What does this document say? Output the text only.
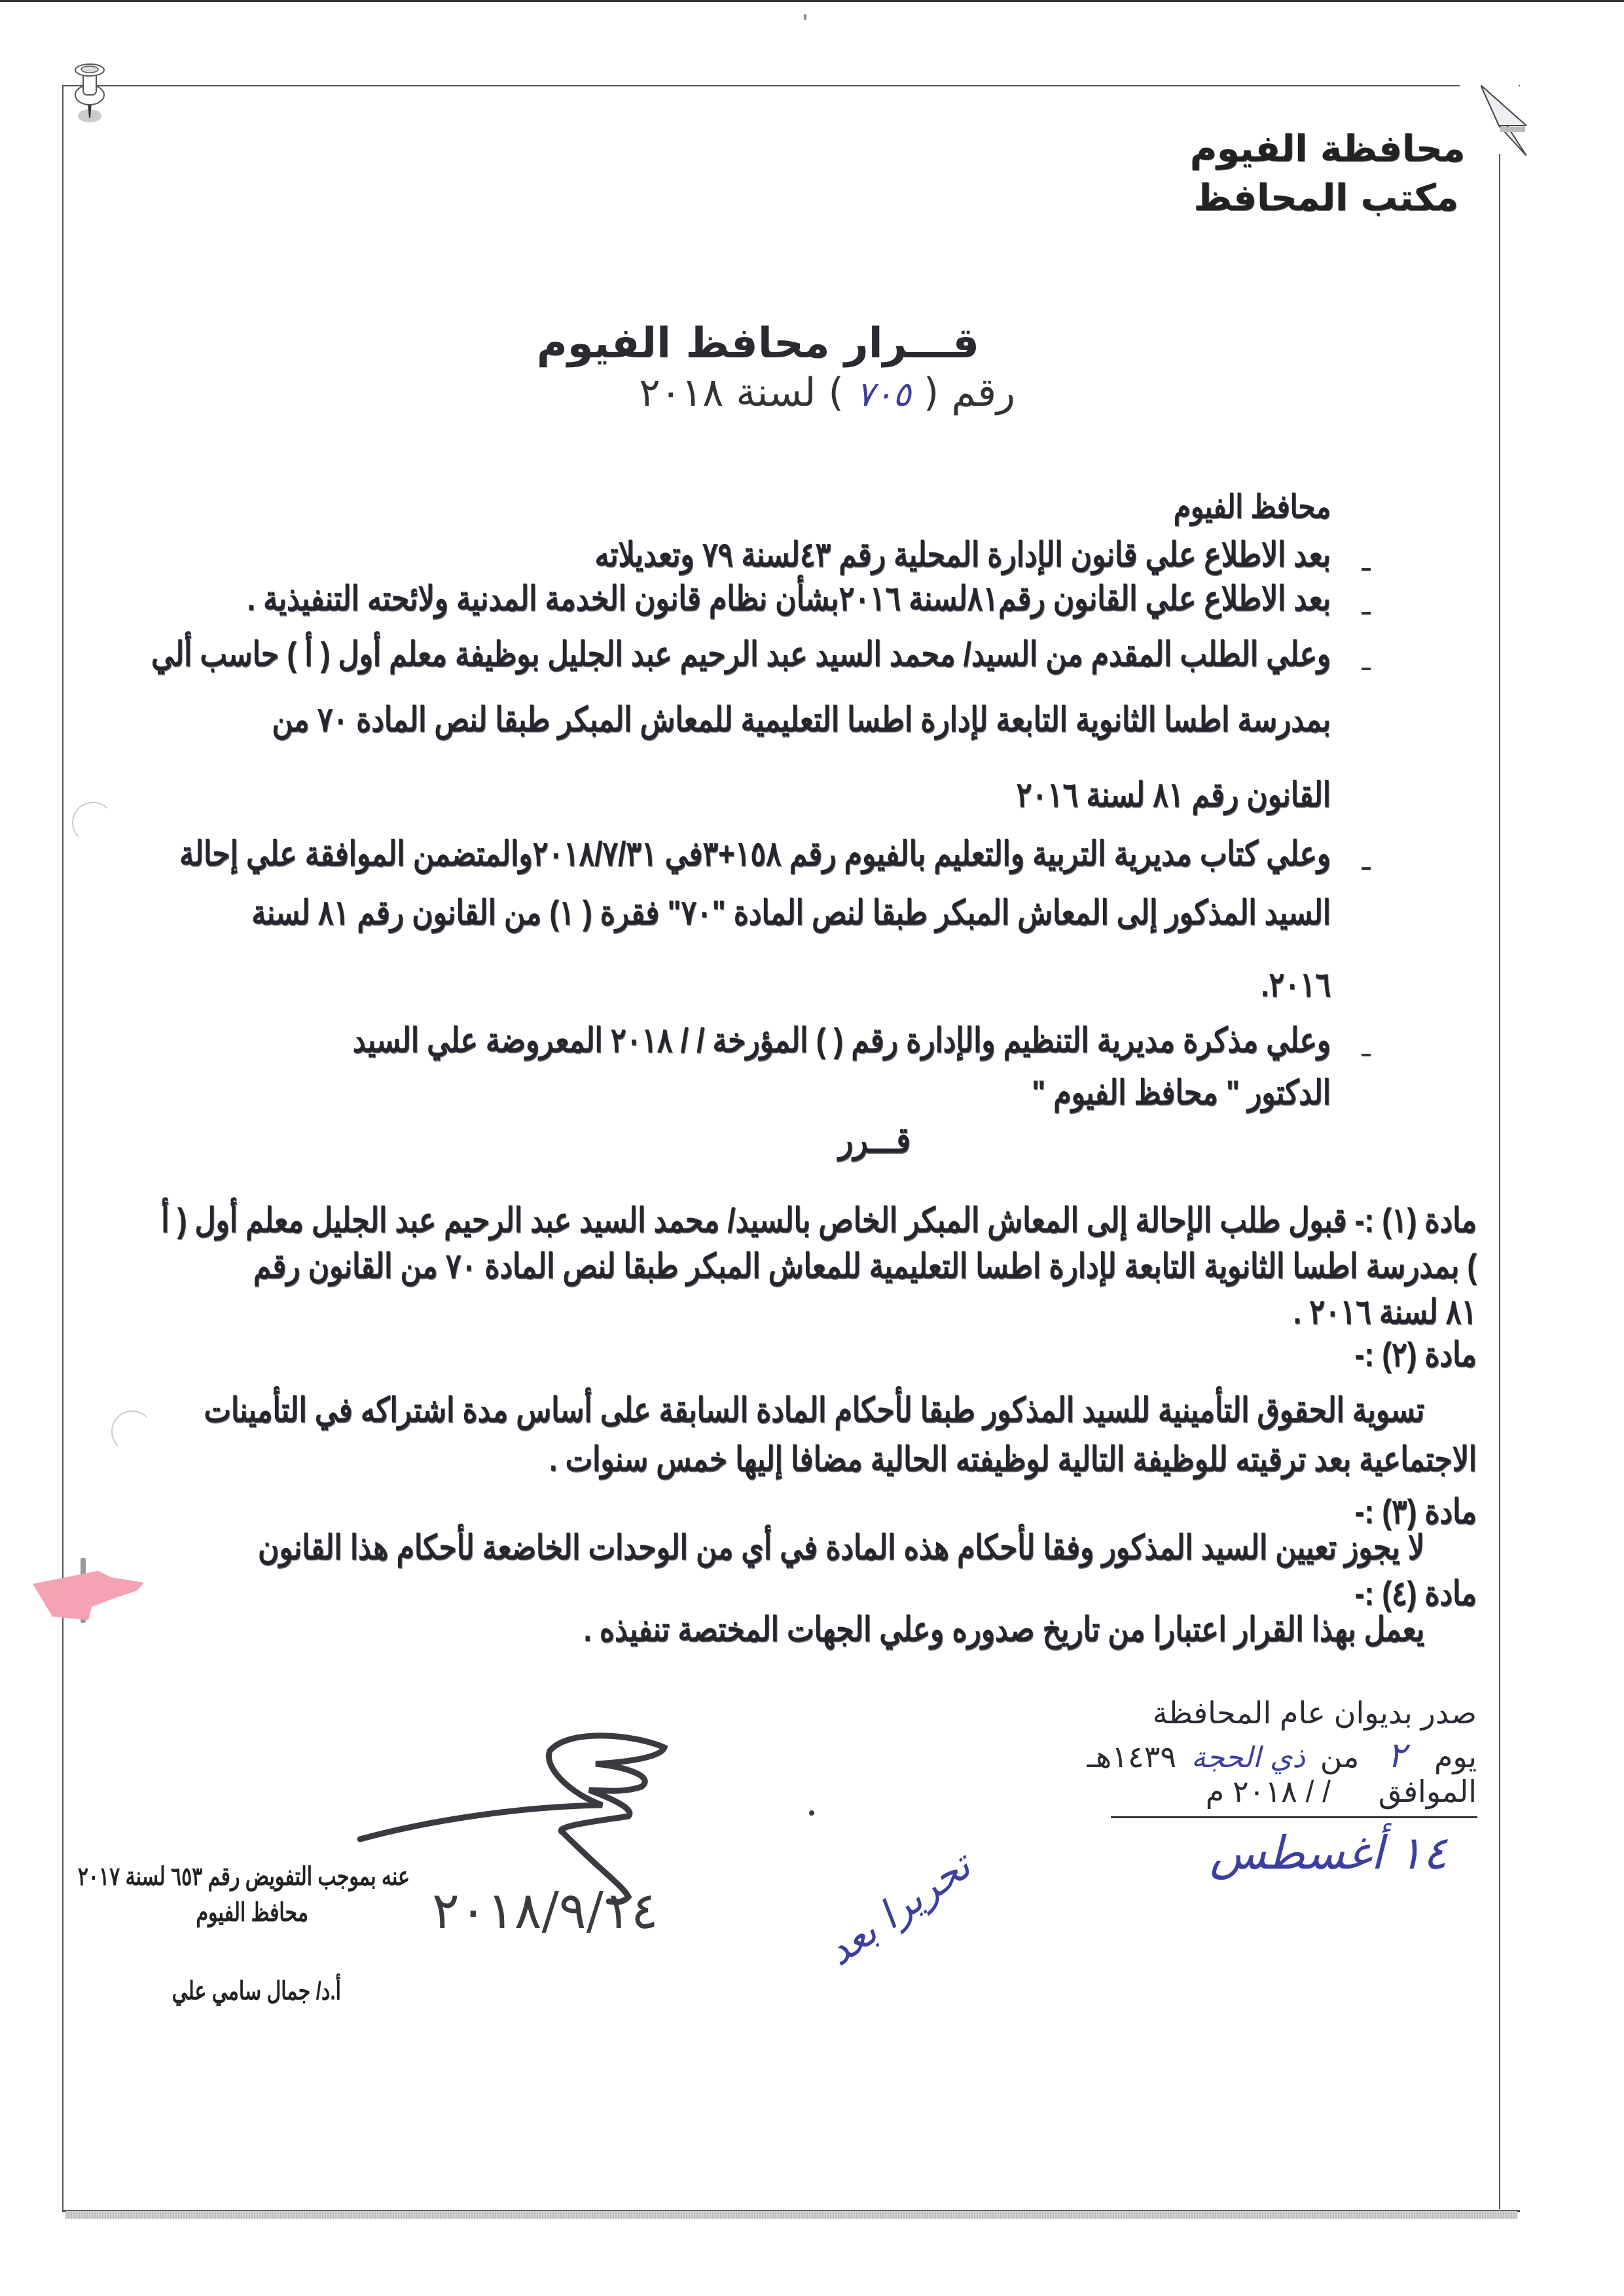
محافظة الفيوم
مكتب المحافظ
قـــرار محافظ الفيوم
رقم ( ٧٠٥ ) لسنة ٢٠١٨
محافظ الفيوم
بعد الاطلاع علي قانون الإدارة المحلية رقم ٤٣لسنة ٧٩ وتعديلاته
بعد الاطلاع علي القانون رقم٨١لسنة ٢٠١٦بشأن نظام قانون الخدمة المدنية ولائحته التنفيذية .
وعلي الطلب المقدم من السيد/ محمد السيد عبد الرحيم عبد الجليل بوظيفة معلم أول ( أ ) حاسب ألي
بمدرسة اطسا الثانوية التابعة لإدارة اطسا التعليمية للمعاش المبكر طبقا لنص المادة ٧٠ من
القانون رقم ٨١ لسنة ٢٠١٦
وعلي كتاب مديرية التربية والتعليم بالفيوم رقم ١٥٨+٣في ٢٠١٨/٧/٣١والمتضمن الموافقة علي إحالة
السيد المذكور إلى المعاش المبكر طبقا لنص المادة "٧٠" فقرة ( ١) من القانون رقم ٨١ لسنة
٢٠١٦.
وعلي مذكرة مديرية التنظيم والإدارة رقم ( ) المؤرخة / / ٢٠١٨ المعروضة علي السيد
الدكتور " محافظ الفيوم "
قـــرر
مادة (١) :- قبول طلب الإحالة إلى المعاش المبكر الخاص بالسيد/ محمد السيد عبد الرحيم عبد الجليل معلم أول ( أ
) بمدرسة اطسا الثانوية التابعة لإدارة اطسا التعليمية للمعاش المبكر طبقا لنص المادة ٧٠ من القانون رقم
٨١ لسنة ٢٠١٦ .
مادة (٢) :-
تسوية الحقوق التأمينية للسيد المذكور طبقا لأحكام المادة السابقة على أساس مدة اشتراكه في التأمينات
الاجتماعية بعد ترقيته للوظيفة التالية لوظيفته الحالية مضافا إليها خمس سنوات .
مادة (٣) :-
لا يجوز تعيين السيد المذكور وفقا لأحكام هذه المادة في أي من الوحدات الخاضعة لأحكام هذا القانون
مادة (٤) :-
يعمل بهذا القرار اعتبارا من تاريخ صدوره وعلي الجهات المختصة تنفيذه .
صدر بديوان عام المحافظة
يوم ٢ من ذي الحجة ١٤٣٩هـ
الموافق / / ٢٠١٨ م
١٤ أغسطس
٢٠١٨/٩/١٤
عنه بموجب التفويض رقم ٦٥٣ لسنة ٢٠١٧
محافظ الفيوم
أ.د/ جمال سامي علي
تحريرا بعد
